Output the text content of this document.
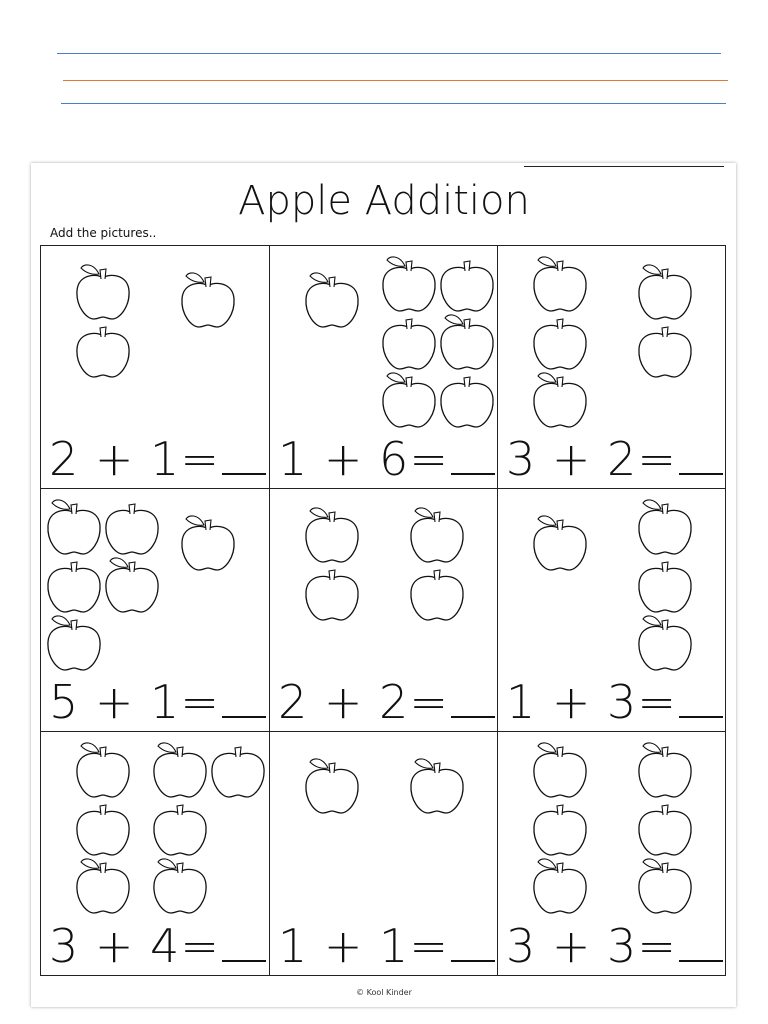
Apple Addition
Add the pictures..
2 + 1=	1 + 6=	3 + 2=
5 + 1=	2 + 2=	1 + 3=
3 + 4=	1 + 1=	3 + 3=
© Kool Kinder
